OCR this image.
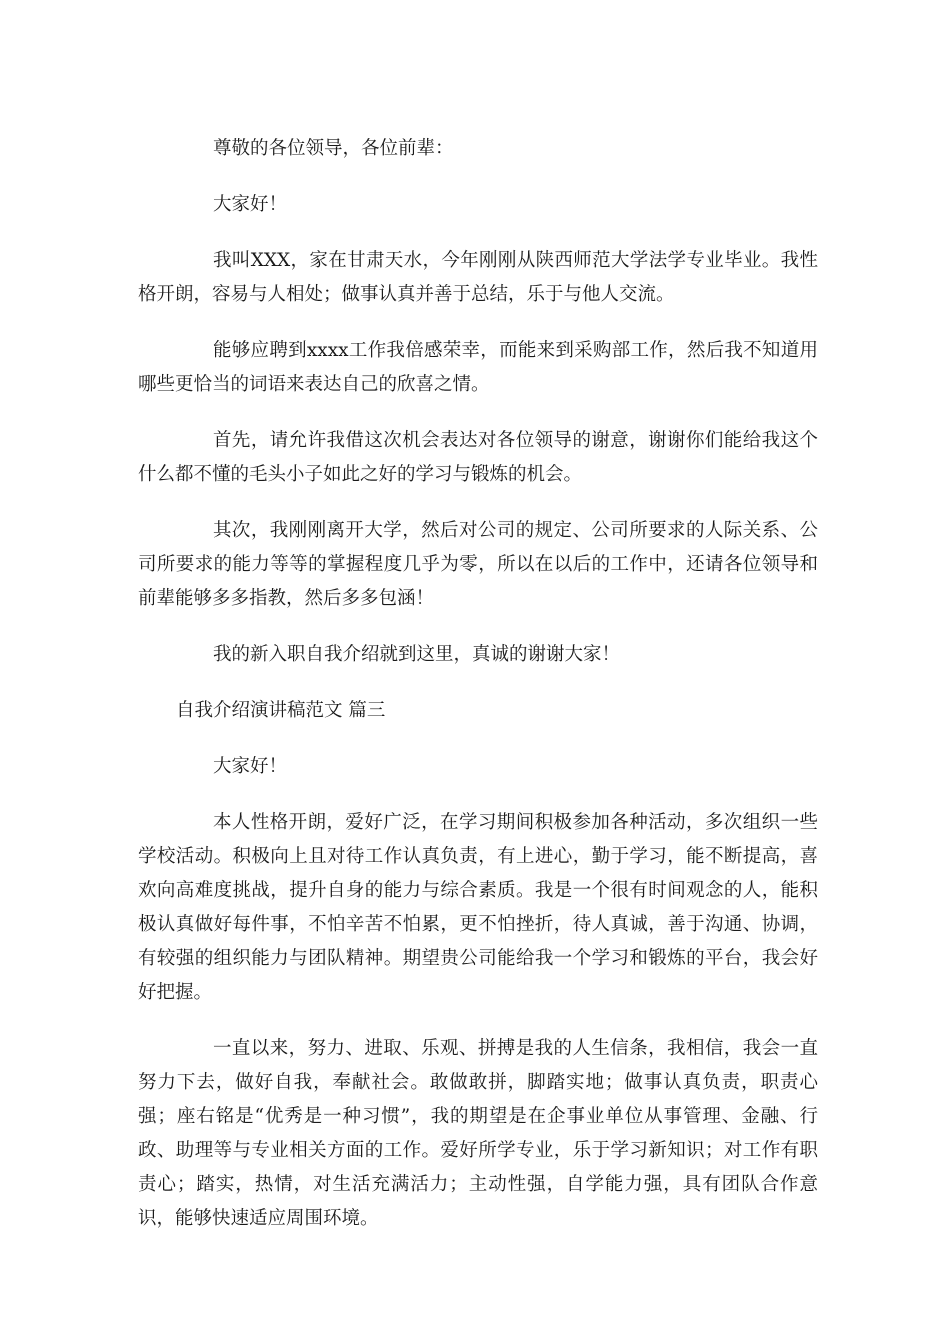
尊敬的各位领导，各位前辈：

大家好！

我叫XXX，家在甘肃天水，今年刚刚从陕西师范大学法学专业毕业。我性格开朗，容易与人相处；做事认真并善于总结，乐于与他人交流。

能够应聘到xxxx工作我倍感荣幸，而能来到采购部工作，然后我不知道用哪些更恰当的词语来表达自己的欣喜之情。

首先，请允许我借这次机会表达对各位领导的谢意，谢谢你们能给我这个什么都不懂的毛头小子如此之好的学习与锻炼的机会。

其次，我刚刚离开大学，然后对公司的规定、公司所要求的人际关系、公司所要求的能力等等的掌握程度几乎为零，所以在以后的工作中，还请各位领导和前辈能够多多指教，然后多多包涵！

我的新入职自我介绍就到这里，真诚的谢谢大家！

自我介绍演讲稿范文 篇三

大家好！

本人性格开朗，爱好广泛，在学习期间积极参加各种活动，多次组织一些学校活动。积极向上且对待工作认真负责，有上进心，勤于学习，能不断提高，喜欢向高难度挑战，提升自身的能力与综合素质。我是一个很有时间观念的人，能积极认真做好每件事，不怕辛苦不怕累，更不怕挫折，待人真诚，善于沟通、协调，有较强的组织能力与团队精神。期望贵公司能给我一个学习和锻炼的平台，我会好好把握。

一直以来，努力、进取、乐观、拼搏是我的人生信条，我相信，我会一直努力下去，做好自我，奉献社会。敢做敢拼，脚踏实地；做事认真负责，职责心强；座右铭是“优秀是一种习惯”，我的期望是在企事业单位从事管理、金融、行政、助理等与专业相关方面的工作。爱好所学专业，乐于学习新知识；对工作有职责心；踏实，热情，对生活充满活力；主动性强，自学能力强，具有团队合作意识，能够快速适应周围环境。
